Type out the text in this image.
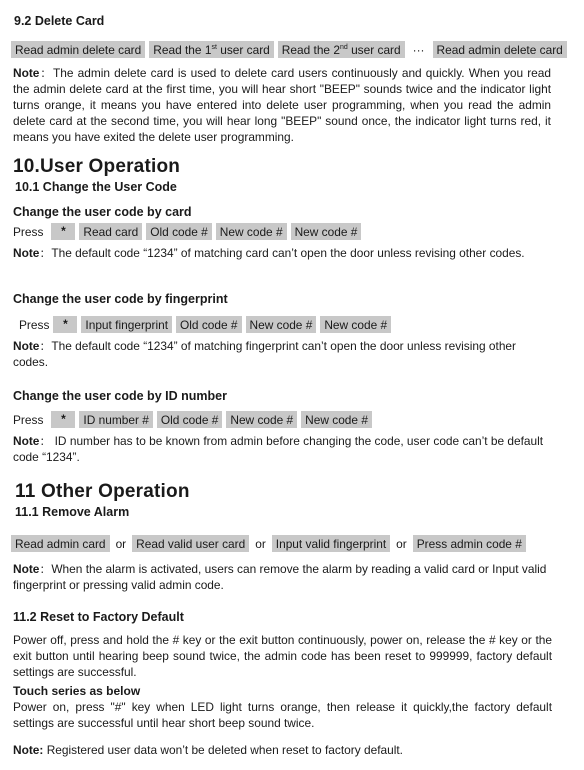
9.2 Delete Card
Read admin delete card	Read the 1st user card	Read the 2nd user card	···	Read admin delete card
Note：The admin delete card is used to delete card users continuously and quickly. When you read the admin delete card at the first time, you will hear short "BEEP" sounds twice and the indicator light turns orange, it means you have entered into delete user programming, when you read the admin delete card at the second time, you will hear long "BEEP" sound once, the indicator light turns red, it means you have exited the delete user programming.
10.User Operation
10.1 Change the User Code
Change the user code by card
Press	*	Read card	Old code #	New code #	New code #
Note：The default code “1234” of matching card can’t open the door unless revising other codes.
Change the user code by fingerprint
Press	*	Input fingerprint	Old code #	New code #	New code #
Note：The default code “1234” of matching fingerprint can’t open the door unless revising other codes.
Change the user code by ID number
Press	*	ID number #	Old code #	New code #	New code #
Note： ID number has to be known from admin before changing the code, user code can’t be default code “1234”.
11 Other Operation
11.1 Remove Alarm
Read admin card or Read valid user card or Input valid fingerprint or Press admin code #
Note：When the alarm is activated, users can remove the alarm by reading a valid card or Input valid fingerprint or pressing valid admin code.
11.2 Reset to Factory Default
Power off, press and hold the # key or the exit button continuously, power on, release the # key or the exit button until hearing beep sound twice, the admin code has been reset to 999999, factory default settings are successful.
Touch series as below
Power on, press "#" key when LED light turns orange, then release it quickly,the factory default settings are successful until hear short beep sound twice.
Note: Registered user data won’t be deleted when reset to factory default.
